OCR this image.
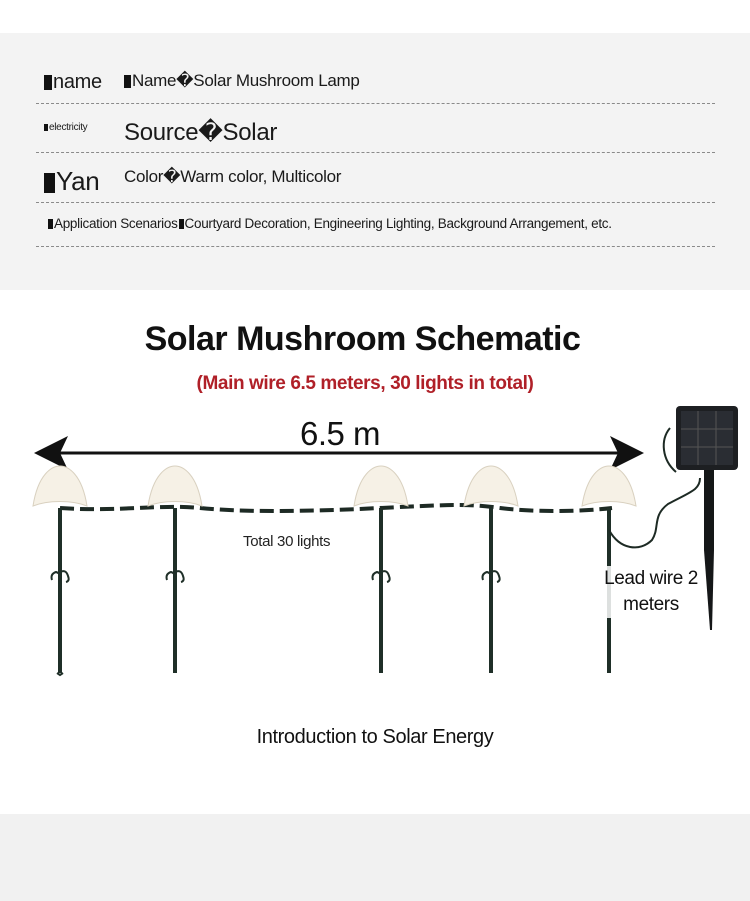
name	Name�Solar Mushroom Lamp
electricity Source�Solar
Yan Color�Warm color, Multicolor
Application Scenarios Courtyard Decoration, Engineering Lighting, Background Arrangement, etc.
Solar Mushroom Schematic
(Main wire 6.5 meters, 30 lights in total)
6.5 m
Total 30 lights
Lead wire 2 meters
Introduction to Solar Energy
